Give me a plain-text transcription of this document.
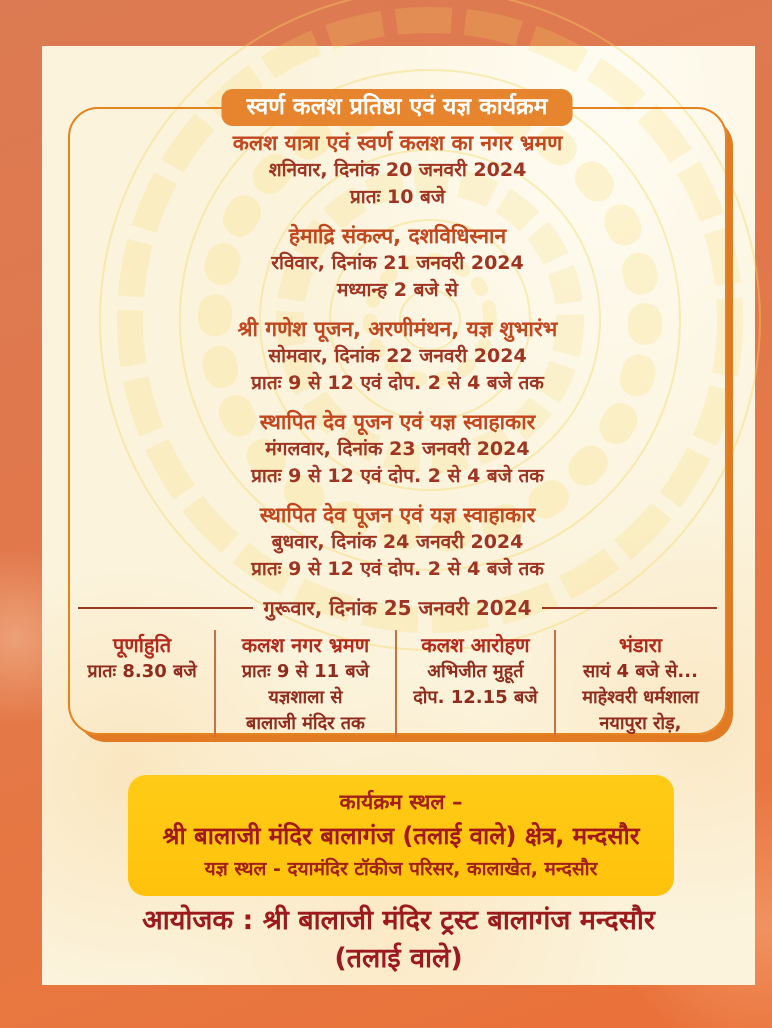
स्वर्ण कलश प्रतिष्ठा एवं यज्ञ कार्यक्रम
कलश यात्रा एवं स्वर्ण कलश का नगर भ्रमण
शनिवार, दिनांक 20 जनवरी 2024
प्रातः 10 बजे
हेमाद्रि संकल्प, दशविधिस्नान
रविवार, दिनांक 21 जनवरी 2024
मध्यान्ह 2 बजे से
श्री गणेश पूजन, अरणीमंथन, यज्ञ शुभारंभ
सोमवार, दिनांक 22 जनवरी 2024
प्रातः 9 से 12 एवं दोप. 2 से 4 बजे तक
स्थापित देव पूजन एवं यज्ञ स्वाहाकार
मंगलवार, दिनांक 23 जनवरी 2024
प्रातः 9 से 12 एवं दोप. 2 से 4 बजे तक
स्थापित देव पूजन एवं यज्ञ स्वाहाकार
बुधवार, दिनांक 24 जनवरी 2024
प्रातः 9 से 12 एवं दोप. 2 से 4 बजे तक
गुरूवार, दिनांक 25 जनवरी 2024
पूर्णाहुति
प्रातः 8.30 बजे
कलश नगर भ्रमण
प्रातः 9 से 11 बजे
यज्ञशाला से
बालाजी मंदिर तक
कलश आरोहण
अभिजीत मुहूर्त
दोप. 12.15 बजे
भंडारा
सायं 4 बजे से...
माहेश्वरी धर्मशाला
नयापुरा रोड़,
कार्यक्रम स्थल –
श्री बालाजी मंदिर बालागंज (तलाई वाले) क्षेत्र, मन्दसौर
यज्ञ स्थल - दयामंदिर टॉकीज परिसर, कालाखेत, मन्दसौर
आयोजक : श्री बालाजी मंदिर ट्रस्ट बालागंज मन्दसौर
(तलाई वाले)
